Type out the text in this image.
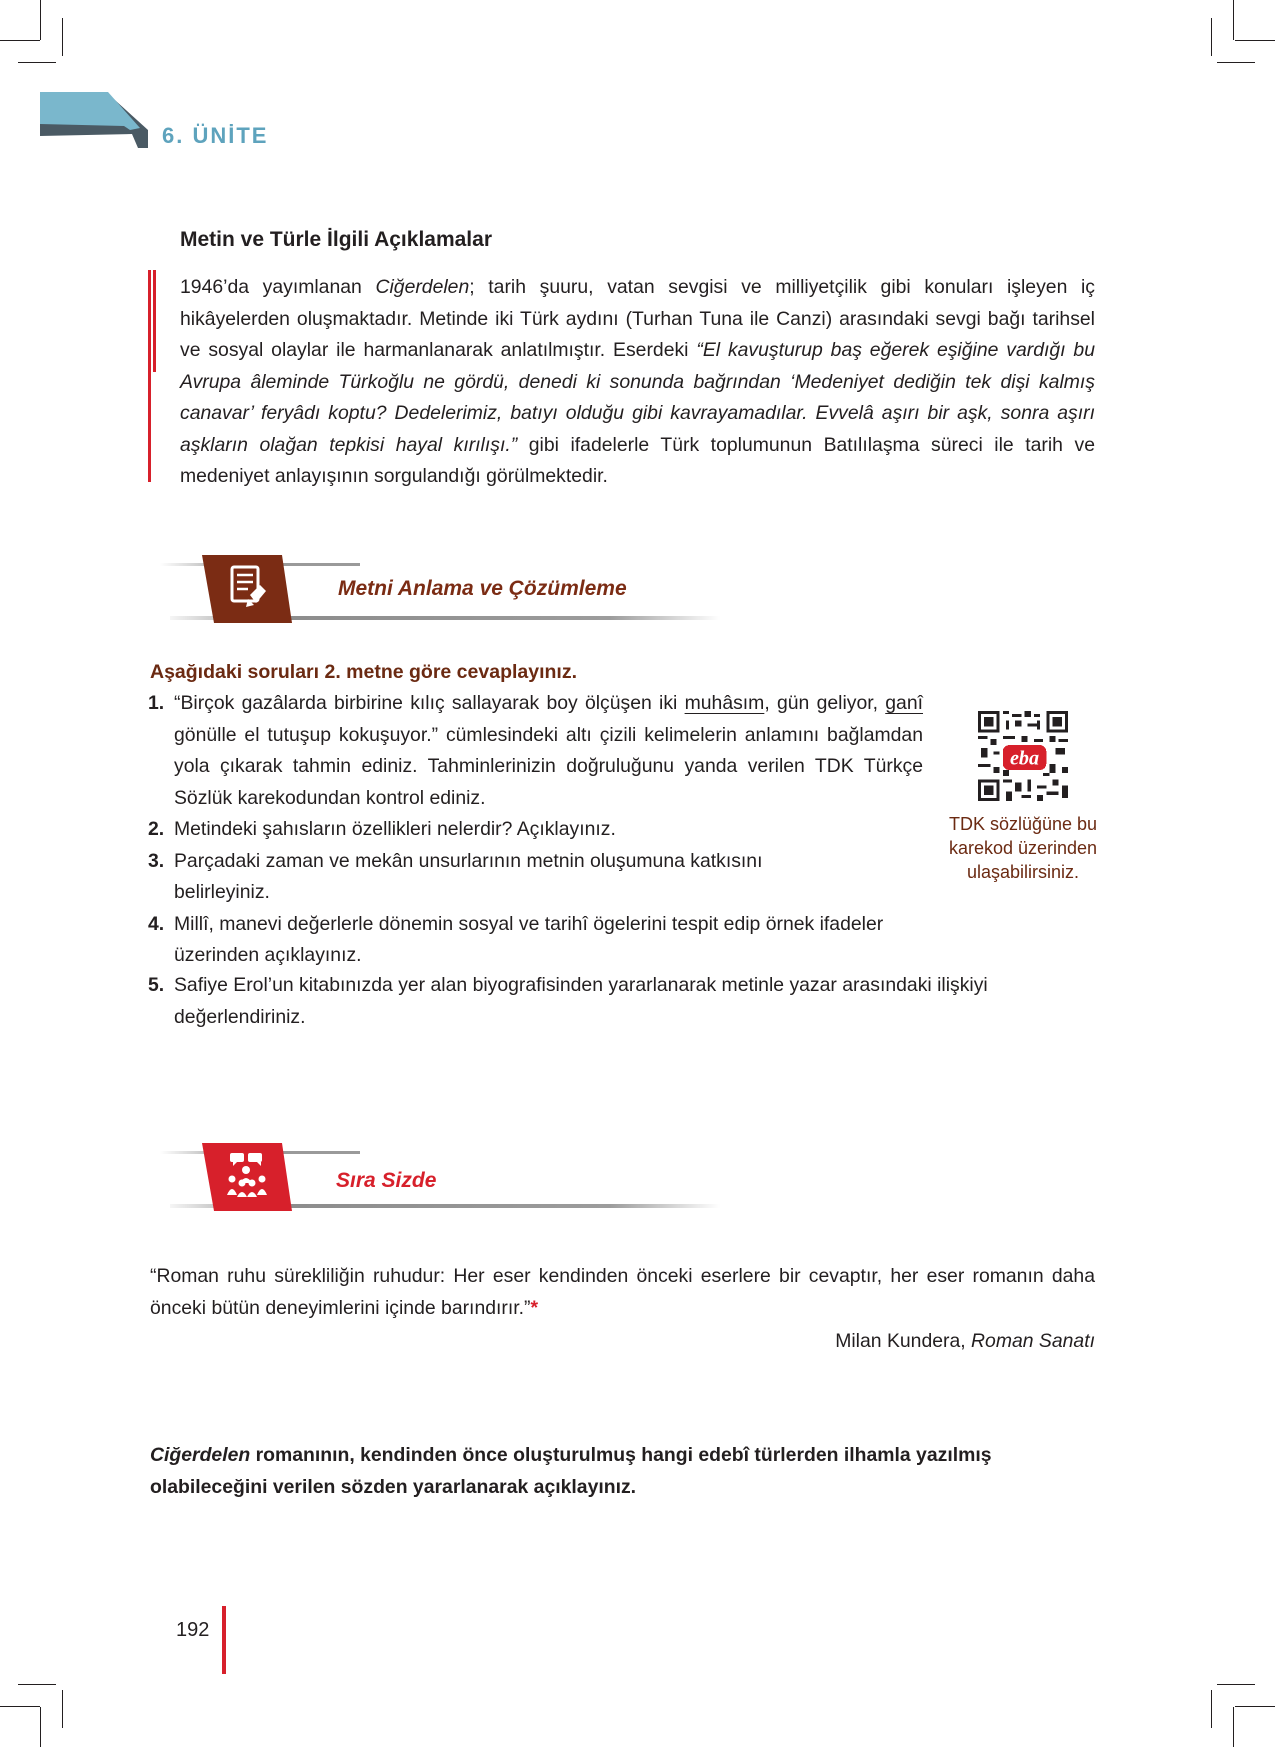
6. ÜNİTE
Metin ve Türle İlgili Açıklamalar
1946’da yayımlanan Ciğerdelen; tarih şuuru, vatan sevgisi ve milliyetçilik gibi konuları işleyen iç hikâyelerden oluşmaktadır. Metinde iki Türk aydını (Turhan Tuna ile Canzi) arasındaki sevgi bağı tarihsel ve sosyal olaylar ile harmanlanarak anlatılmıştır. Eserdeki “El kavuşturup baş eğerek eşiğine vardığı bu Avrupa âleminde Türkoğlu ne gördü, denedi ki sonunda bağrından ‘Medeniyet dediğin tek dişi kalmış canavar’ feryâdı koptu? Dedelerimiz, batıyı olduğu gibi kavrayamadılar. Evvelâ aşırı bir aşk, sonra aşırı aşkların olağan tepkisi hayal kırılışı.” gibi ifadelerle Türk toplumunun Batılılaşma süreci ile tarih ve medeniyet anlayışının sorgulandığı görülmektedir.
Metni Anlama ve Çözümleme
Aşağıdaki soruları 2. metne göre cevaplayınız.
1. “Birçok gazâlarda birbirine kılıç sallayarak boy ölçüşen iki muhâsım, gün geliyor, ganî gönülle el tutuşup kokuşuyor.” cümlesindeki altı çizili kelimelerin anlamını bağlamdan yola çıkarak tahmin ediniz. Tahminlerinizin doğruluğunu yanda verilen TDK Türkçe Sözlük karekodundan kontrol ediniz.
2. Metindeki şahısların özellikleri nelerdir? Açıklayınız.
3. Parçadaki zaman ve mekân unsurlarının metnin oluşumuna katkısını belirleyiniz.
4. Millî, manevi değerlerle dönemin sosyal ve tarihî ögelerini tespit edip örnek ifadeler üzerinden açıklayınız.
5. Safiye Erol’un kitabınızda yer alan biyografisinden yararlanarak metinle yazar arasındaki ilişkiyi değerlendiriniz.
eba
TDK sözlüğüne bu karekod üzerinden ulaşabilirsiniz.
Sıra Sizde
“Roman ruhu sürekliliğin ruhudur: Her eser kendinden önceki eserlere bir cevaptır, her eser romanın daha önceki bütün deneyimlerini içinde barındırır.”*
Milan Kundera, Roman Sanatı
Ciğerdelen romanının, kendinden önce oluşturulmuş hangi edebî türlerden ilhamla yazılmış olabileceğini verilen sözden yararlanarak açıklayınız.
192
